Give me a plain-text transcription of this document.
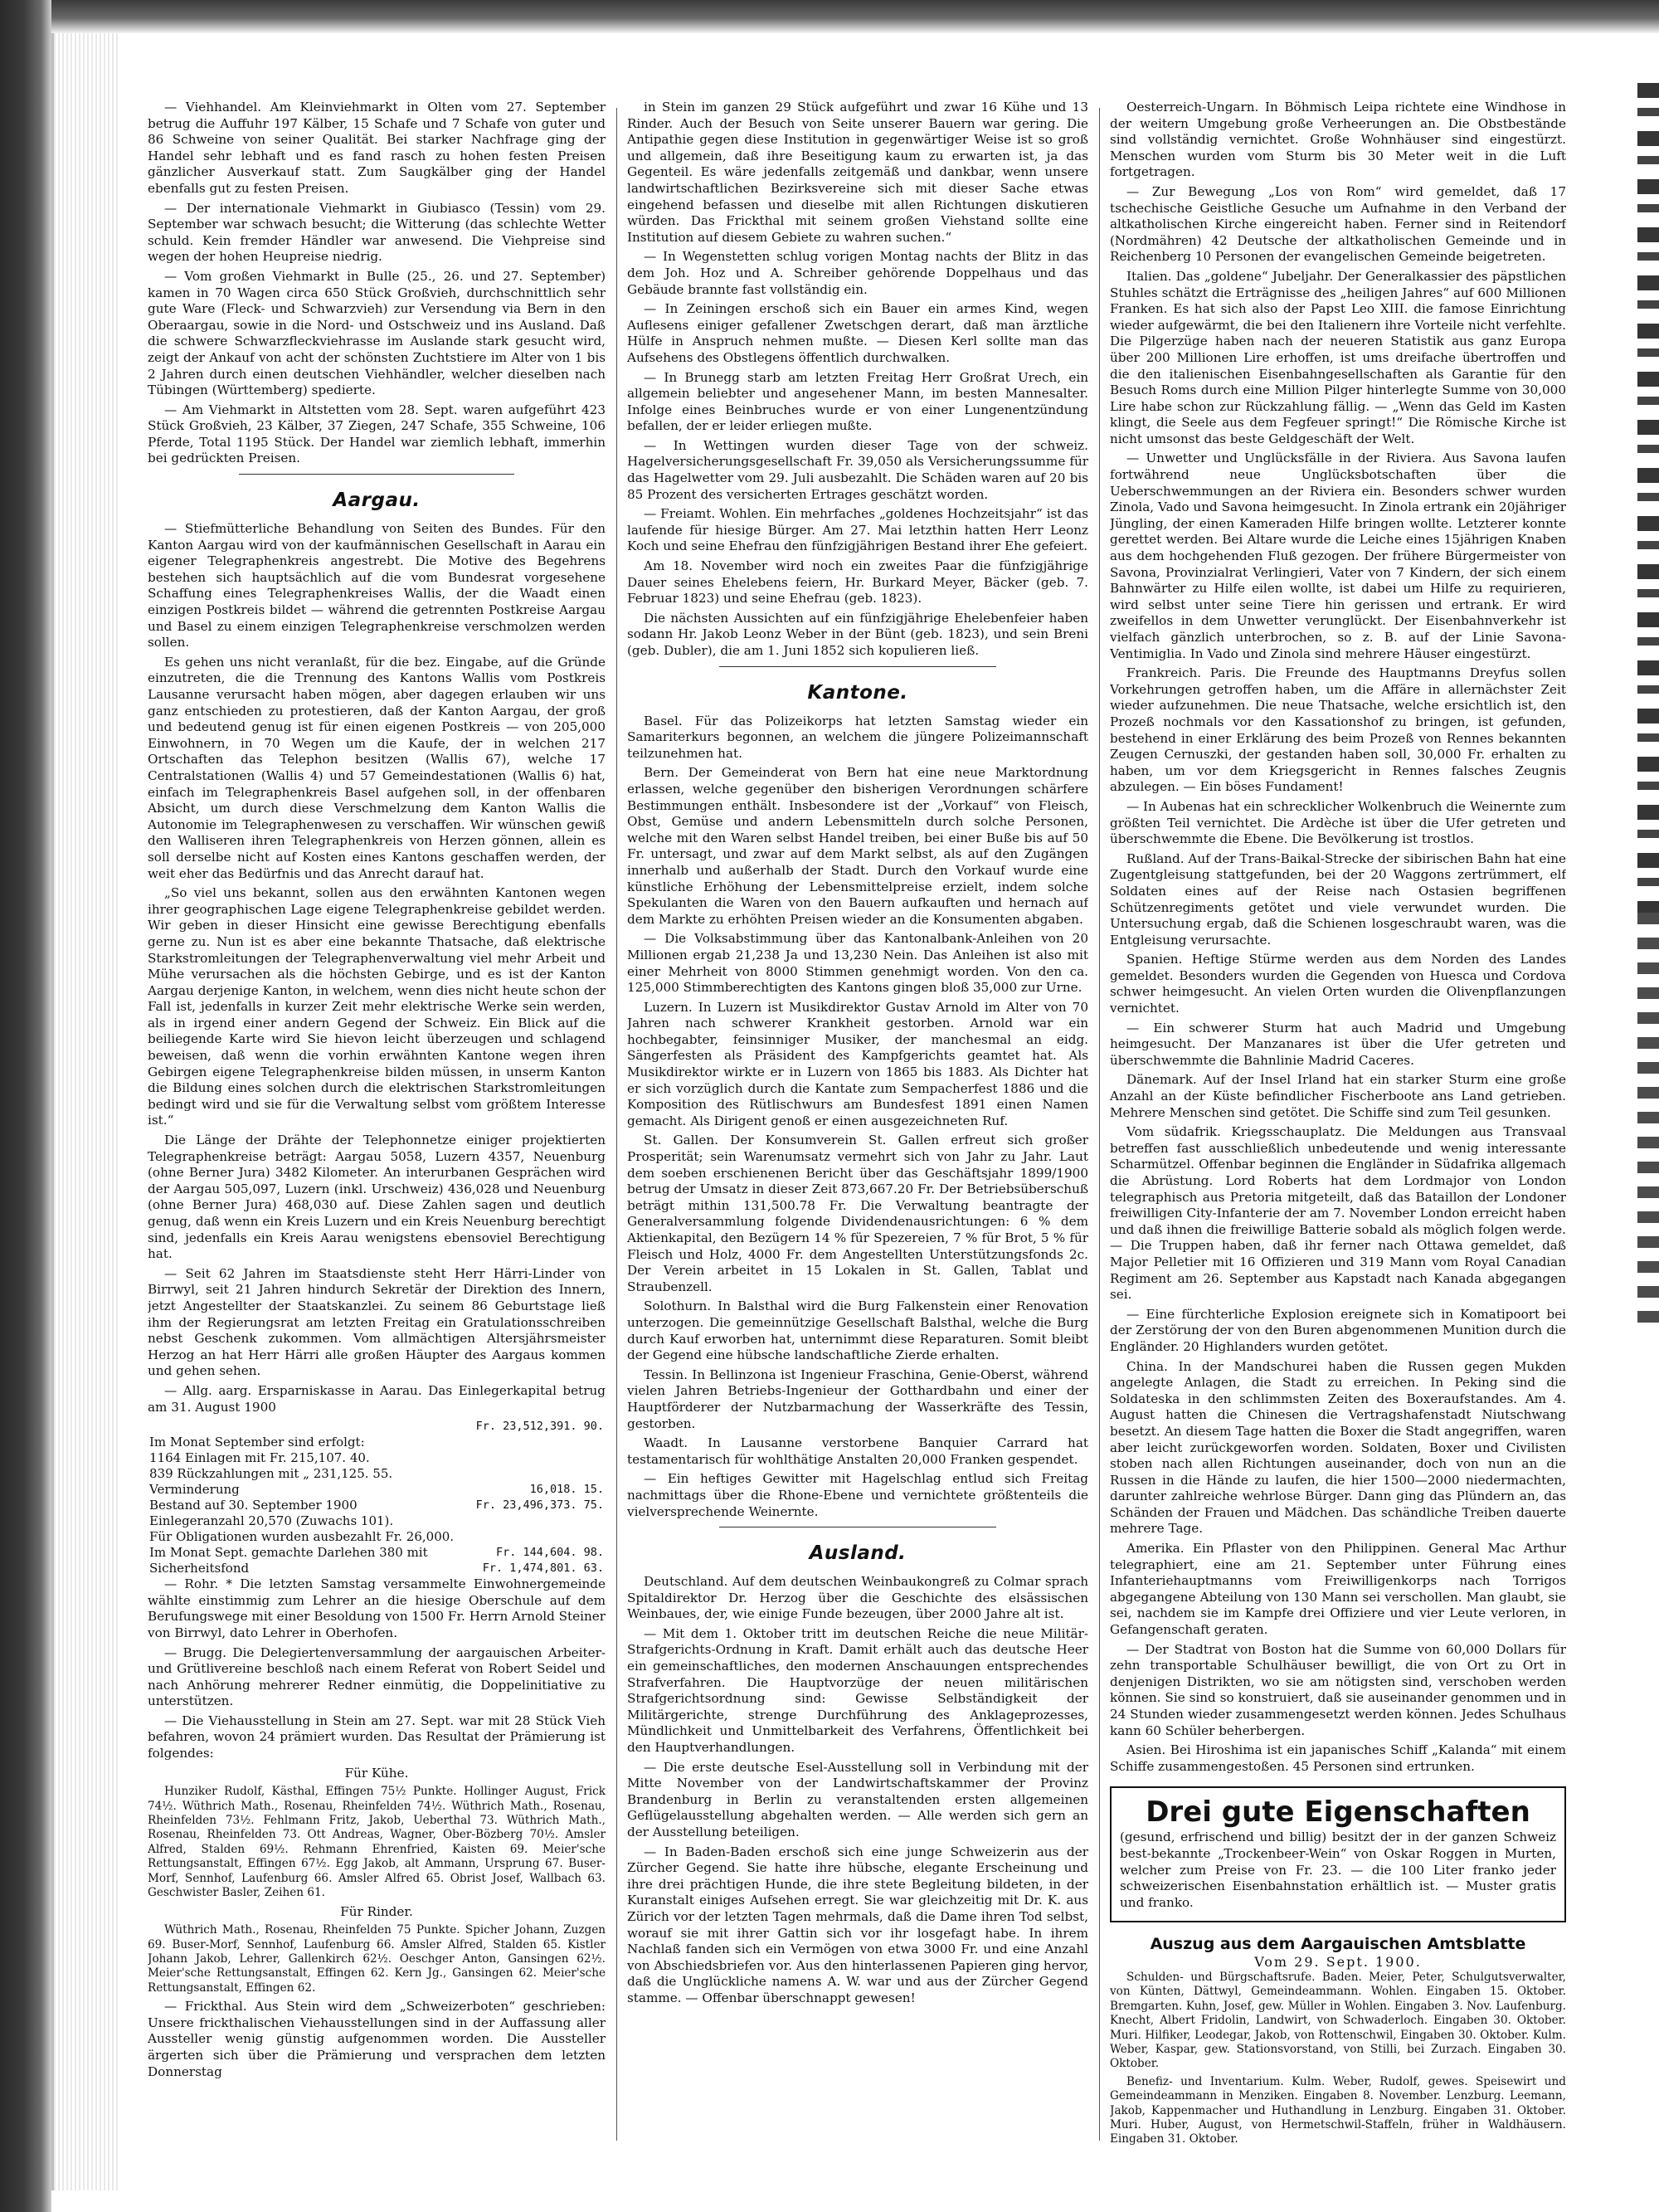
— Viehhandel. Am Kleinviehmarkt in Olten vom 27. September betrug die Auffuhr 197 Kälber, 15 Schafe und 7 Schafe von guter und 86 Schweine von seiner Qualität. Bei starker Nachfrage ging der Handel sehr lebhaft und es fand rasch zu hohen festen Preisen gänzlicher Ausverkauf statt. Zum Saugkälber ging der Handel ebenfalls gut zu festen Preisen.

— Der internationale Viehmarkt in Giubiasco (Tessin) vom 29. September war schwach besucht; die Witterung (das schlechte Wetter schuld. Kein fremder Händler war anwesend. Die Viehpreise sind wegen der hohen Heupreise niedrig.

— Vom großen Viehmarkt in Bulle (25., 26. und 27. September) kamen in 70 Wagen circa 650 Stück Großvieh, durchschnittlich sehr gute Ware (Fleck- und Schwarzvieh) zur Versendung via Bern in den Oberaargau, sowie in die Nord- und Ostschweiz und ins Ausland. Daß die schwere Schwarzfleckviehrasse im Auslande stark gesucht wird, zeigt der Ankauf von acht der schönsten Zuchtstiere im Alter von 1 bis 2 Jahren durch einen deutschen Viehhändler, welcher dieselben nach Tübingen (Württemberg) spedierte.

— Am Viehmarkt in Altstetten vom 28. Sept. waren aufgeführt 423 Stück Großvieh, 23 Kälber, 37 Ziegen, 247 Schafe, 355 Schweine, 106 Pferde, Total 1195 Stück. Der Handel war ziemlich lebhaft, immerhin bei gedrückten Preisen.

Aargau.

— Stiefmütterliche Behandlung von Seiten des Bundes. Für den Kanton Aargau wird von der kaufmännischen Gesellschaft in Aarau ein eigener Telegraphenkreis angestrebt. Die Motive des Begehrens bestehen sich hauptsächlich auf die vom Bundesrat vorgesehene Schaffung eines Telegraphenkreises Wallis, der die Waadt einen einzigen Postkreis bildet — während die getrennten Postkreise Aargau und Basel zu einem einzigen Telegraphenkreise verschmolzen werden sollen.

Es gehen uns nicht veranlaßt, für die bez. Eingabe, auf die Gründe einzutreten, die die Trennung des Kantons Wallis vom Postkreis Lausanne verursacht haben mögen, aber dagegen erlauben wir uns ganz entschieden zu protestieren, daß der Kanton Aargau, der groß und bedeutend genug ist für einen eigenen Postkreis — von 205,000 Einwohnern, in 70 Wegen um die Kaufe, der in welchen 217 Ortschaften das Telephon besitzen (Wallis 67), welche 17 Centralstationen (Wallis 4) und 57 Gemeindestationen (Wallis 6) hat, einfach im Telegraphenkreis Basel aufgehen soll, in der offenbaren Absicht, um durch diese Verschmelzung dem Kanton Wallis die Autonomie im Telegraphenwesen zu verschaffen. Wir wünschen gewiß den Walliseren ihren Telegraphenkreis von Herzen gönnen, allein es soll derselbe nicht auf Kosten eines Kantons geschaffen werden, der weit eher das Bedürfnis und das Anrecht darauf hat.

„So viel uns bekannt, sollen aus den erwähnten Kantonen wegen ihrer geographischen Lage eigene Telegraphenkreise gebildet werden. Wir geben in dieser Hinsicht eine gewisse Berechtigung ebenfalls gerne zu. Nun ist es aber eine bekannte Thatsache, daß elektrische Starkstromleitungen der Telegraphenverwaltung viel mehr Arbeit und Mühe verursachen als die höchsten Gebirge, und es ist der Kanton Aargau derjenige Kanton, in welchem, wenn dies nicht heute schon der Fall ist, jedenfalls in kurzer Zeit mehr elektrische Werke sein werden, als in irgend einer andern Gegend der Schweiz. Ein Blick auf die beiliegende Karte wird Sie hievon leicht überzeugen und schlagend beweisen, daß wenn die vorhin erwähnten Kantone wegen ihren Gebirgen eigene Telegraphenkreise bilden müssen, in unserm Kanton die Bildung eines solchen durch die elektrischen Starkstromleitungen bedingt wird und sie für die Verwaltung selbst vom größtem Interesse ist.“

Die Länge der Drähte der Telephonnetze einiger projektierten Telegraphenkreise beträgt: Aargau 5058, Luzern 4357, Neuenburg (ohne Berner Jura) 3482 Kilometer. An interurbanen Gesprächen wird der Aargau 505,097, Luzern (inkl. Urschweiz) 436,028 und Neuenburg (ohne Berner Jura) 468,030 auf. Diese Zahlen sagen und deutlich genug, daß wenn ein Kreis Luzern und ein Kreis Neuenburg berechtigt sind, jedenfalls ein Kreis Aarau wenigstens ebensoviel Berechtigung hat.

— Seit 62 Jahren im Staatsdienste steht Herr Härri-Linder von Birrwyl, seit 21 Jahren hindurch Sekretär der Direktion des Innern, jetzt Angestellter der Staatskanzlei. Zu seinem 86 Geburtstage ließ ihm der Regierungsrat am letzten Freitag ein Gratulationsschreiben nebst Geschenk zukommen. Vom allmächtigen Altersjährsmeister Herzog an hat Herr Härri alle großen Häupter des Aargaus kommen und gehen sehen.

— Allg. aarg. Ersparniskasse in Aarau. Das Einlegerkapital betrug am 31. August 1900

	Fr. 23,512,391. 90.
Im Monat September sind erfolgt:	
1164 Einlagen mit Fr. 215,107. 40.	
839 Rückzahlungen mit „ 231,125. 55.	
Verminderung	16,018. 15.
Bestand auf 30. September 1900	Fr. 23,496,373. 75.
Einlegeranzahl 20,570 (Zuwachs 101).	
Für Obligationen wurden ausbezahlt Fr. 26,000.	
Im Monat Sept. gemachte Darlehen 380 mit	Fr. 144,604. 98.
Sicherheitsfond	Fr. 1,474,801. 63.

— Rohr. * Die letzten Samstag versammelte Einwohnergemeinde wählte einstimmig zum Lehrer an die hiesige Oberschule auf dem Berufungswege mit einer Besoldung von 1500 Fr. Herrn Arnold Steiner von Birrwyl, dato Lehrer in Oberhofen.

— Brugg. Die Delegiertenversammlung der aargauischen Arbeiter- und Grütlivereine beschloß nach einem Referat von Robert Seidel und nach Anhörung mehrerer Redner einmütig, die Doppelinitiative zu unterstützen.

— Die Viehausstellung in Stein am 27. Sept. war mit 28 Stück Vieh befahren, wovon 24 prämiert wurden. Das Resultat der Prämierung ist folgendes:

Für Kühe.

Hunziker Rudolf, Kästhal, Effingen 75½ Punkte. Hollinger August, Frick 74½. Wüthrich Math., Rosenau, Rheinfelden 74½. Wüthrich Math., Rosenau, Rheinfelden 73½. Fehlmann Fritz, Jakob, Ueberthal 73. Wüthrich Math., Rosenau, Rheinfelden 73. Ott Andreas, Wagner, Ober-Bözberg 70½. Amsler Alfred, Stalden 69½. Rehmann Ehrenfried, Kaisten 69. Meier'sche Rettungsanstalt, Effingen 67½. Egg Jakob, alt Ammann, Ursprung 67. Buser-Morf, Sennhof, Laufenburg 66. Amsler Alfred 65. Obrist Josef, Wallbach 63. Geschwister Basler, Zeihen 61.

Für Rinder.

Wüthrich Math., Rosenau, Rheinfelden 75 Punkte. Spicher Johann, Zuzgen 69. Buser-Morf, Sennhof, Laufenburg 66. Amsler Alfred, Stalden 65. Kistler Johann Jakob, Lehrer, Gallenkirch 62½. Oeschger Anton, Gansingen 62½. Meier'sche Rettungsanstalt, Effingen 62. Kern Jg., Gansingen 62. Meier'sche Rettungsanstalt, Effingen 62.

— Frickthal. Aus Stein wird dem „Schweizerboten“ geschrieben: Unsere frickthalischen Viehausstellungen sind in der Auffassung aller Aussteller wenig günstig aufgenommen worden. Die Aussteller ärgerten sich über die Prämierung und versprachen dem letzten Donnerstag

in Stein im ganzen 29 Stück aufgeführt und zwar 16 Kühe und 13 Rinder. Auch der Besuch von Seite unserer Bauern war gering. Die Antipathie gegen diese Institution in gegenwärtiger Weise ist so groß und allgemein, daß ihre Beseitigung kaum zu erwarten ist, ja das Gegenteil. Es wäre jedenfalls zeitgemäß und dankbar, wenn unsere landwirtschaftlichen Bezirksvereine sich mit dieser Sache etwas eingehend befassen und dieselbe mit allen Richtungen diskutieren würden. Das Frickthal mit seinem großen Viehstand sollte eine Institution auf diesem Gebiete zu wahren suchen.“

— In Wegenstetten schlug vorigen Montag nachts der Blitz in das dem Joh. Hoz und A. Schreiber gehörende Doppelhaus und das Gebäude brannte fast vollständig ein.

— In Zeiningen erschoß sich ein Bauer ein armes Kind, wegen Auflesens einiger gefallener Zwetschgen derart, daß man ärztliche Hülfe in Anspruch nehmen mußte. — Diesen Kerl sollte man das Aufsehens des Obstlegens öffentlich durchwalken.

— In Brunegg starb am letzten Freitag Herr Großrat Urech, ein allgemein beliebter und angesehener Mann, im besten Mannesalter. Infolge eines Beinbruches wurde er von einer Lungenentzündung befallen, der er leider erliegen mußte.

— In Wettingen wurden dieser Tage von der schweiz. Hagelversicherungsgesellschaft Fr. 39,050 als Versicherungssumme für das Hagelwetter vom 29. Juli ausbezahlt. Die Schäden waren auf 20 bis 85 Prozent des versicherten Ertrages geschätzt worden.

— Freiamt. Wohlen. Ein mehrfaches „goldenes Hochzeitsjahr“ ist das laufende für hiesige Bürger. Am 27. Mai letzthin hatten Herr Leonz Koch und seine Ehefrau den fünfzigjährigen Bestand ihrer Ehe gefeiert.

Am 18. November wird noch ein zweites Paar die fünfzigjährige Dauer seines Ehelebens feiern, Hr. Burkard Meyer, Bäcker (geb. 7. Februar 1823) und seine Ehefrau (geb. 1823).

Die nächsten Aussichten auf ein fünfzigjährige Ehelebenfeier haben sodann Hr. Jakob Leonz Weber in der Bünt (geb. 1823), und sein Breni (geb. Dubler), die am 1. Juni 1852 sich kopulieren ließ.

Kantone.

Basel. Für das Polizeikorps hat letzten Samstag wieder ein Samariterkurs begonnen, an welchem die jüngere Polizeimannschaft teilzunehmen hat.

Bern. Der Gemeinderat von Bern hat eine neue Marktordnung erlassen, welche gegenüber den bisherigen Verordnungen schärfere Bestimmungen enthält. Insbesondere ist der „Vorkauf“ von Fleisch, Obst, Gemüse und andern Lebensmitteln durch solche Personen, welche mit den Waren selbst Handel treiben, bei einer Buße bis auf 50 Fr. untersagt, und zwar auf dem Markt selbst, als auf den Zugängen innerhalb und außerhalb der Stadt. Durch den Vorkauf wurde eine künstliche Erhöhung der Lebensmittelpreise erzielt, indem solche Spekulanten die Waren von den Bauern aufkauften und hernach auf dem Markte zu erhöhten Preisen wieder an die Konsumenten abgaben.

— Die Volksabstimmung über das Kantonalbank-Anleihen von 20 Millionen ergab 21,238 Ja und 13,230 Nein. Das Anleihen ist also mit einer Mehrheit von 8000 Stimmen genehmigt worden. Von den ca. 125,000 Stimmberechtigten des Kantons gingen bloß 35,000 zur Urne.

Luzern. In Luzern ist Musikdirektor Gustav Arnold im Alter von 70 Jahren nach schwerer Krankheit gestorben. Arnold war ein hochbegabter, feinsinniger Musiker, der manchesmal an eidg. Sängerfesten als Präsident des Kampfgerichts geamtet hat. Als Musikdirektor wirkte er in Luzern von 1865 bis 1883. Als Dichter hat er sich vorzüglich durch die Kantate zum Sempacherfest 1886 und die Komposition des Rütlischwurs am Bundesfest 1891 einen Namen gemacht. Als Dirigent genoß er einen ausgezeichneten Ruf.

St. Gallen. Der Konsumverein St. Gallen erfreut sich großer Prosperität; sein Warenumsatz vermehrt sich von Jahr zu Jahr. Laut dem soeben erschienenen Bericht über das Geschäftsjahr 1899/1900 betrug der Umsatz in dieser Zeit 873,667.20 Fr. Der Betriebsüberschuß beträgt mithin 131,500.78 Fr. Die Verwaltung beantragte der Generalversammlung folgende Dividendenausrichtungen: 6 % dem Aktienkapital, den Bezügern 14 % für Spezereien, 7 % für Brot, 5 % für Fleisch und Holz, 4000 Fr. dem Angestellten Unterstützungsfonds 2c. Der Verein arbeitet in 15 Lokalen in St. Gallen, Tablat und Straubenzell.

Solothurn. In Balsthal wird die Burg Falkenstein einer Renovation unterzogen. Die gemeinnützige Gesellschaft Balsthal, welche die Burg durch Kauf erworben hat, unternimmt diese Reparaturen. Somit bleibt der Gegend eine hübsche landschaftliche Zierde erhalten.

Tessin. In Bellinzona ist Ingenieur Fraschina, Genie-Oberst, während vielen Jahren Betriebs-Ingenieur der Gotthardbahn und einer der Hauptförderer der Nutzbarmachung der Wasserkräfte des Tessin, gestorben.

Waadt. In Lausanne verstorbene Banquier Carrard hat testamentarisch für wohlthätige Anstalten 20,000 Franken gespendet.

— Ein heftiges Gewitter mit Hagelschlag entlud sich Freitag nachmittags über die Rhone-Ebene und vernichtete größtenteils die vielversprechende Weinernte.

Ausland.

Deutschland. Auf dem deutschen Weinbaukongreß zu Colmar sprach Spitaldirektor Dr. Herzog über die Geschichte des elsässischen Weinbaues, der, wie einige Funde bezeugen, über 2000 Jahre alt ist.

— Mit dem 1. Oktober tritt im deutschen Reiche die neue Militär-Strafgerichts-Ordnung in Kraft. Damit erhält auch das deutsche Heer ein gemeinschaftliches, den modernen Anschauungen entsprechendes Strafverfahren. Die Hauptvorzüge der neuen militärischen Strafgerichtsordnung sind: Gewisse Selbständigkeit der Militärgerichte, strenge Durchführung des Anklageprozesses, Mündlichkeit und Unmittelbarkeit des Verfahrens, Öffentlichkeit bei den Hauptverhandlungen.

— Die erste deutsche Esel-Ausstellung soll in Verbindung mit der Mitte November von der Landwirtschaftskammer der Provinz Brandenburg in Berlin zu veranstaltenden ersten allgemeinen Geflügelausstellung abgehalten werden. — Alle werden sich gern an der Ausstellung beteiligen.

— In Baden-Baden erschoß sich eine junge Schweizerin aus der Zürcher Gegend. Sie hatte ihre hübsche, elegante Erscheinung und ihre drei prächtigen Hunde, die ihre stete Begleitung bildeten, in der Kuranstalt einiges Aufsehen erregt. Sie war gleichzeitig mit Dr. K. aus Zürich vor der letzten Tagen mehrmals, daß die Dame ihren Tod selbst, worauf sie mit ihrer Gattin sich vor ihr losgefagt habe. In ihrem Nachlaß fanden sich ein Vermögen von etwa 3000 Fr. und eine Anzahl von Abschiedsbriefen vor. Aus den hinterlassenen Papieren ging hervor, daß die Unglückliche namens A. W. war und aus der Zürcher Gegend stamme. — Offenbar überschnappt gewesen!

Oesterreich-Ungarn. In Böhmisch Leipa richtete eine Windhose in der weitern Umgebung große Verheerungen an. Die Obstbestände sind vollständig vernichtet. Große Wohnhäuser sind eingestürzt. Menschen wurden vom Sturm bis 30 Meter weit in die Luft fortgetragen.

— Zur Bewegung „Los von Rom“ wird gemeldet, daß 17 tschechische Geistliche Gesuche um Aufnahme in den Verband der altkatholischen Kirche eingereicht haben. Ferner sind in Reitendorf (Nordmähren) 42 Deutsche der altkatholischen Gemeinde und in Reichenberg 10 Personen der evangelischen Gemeinde beigetreten.

Italien. Das „goldene“ Jubeljahr. Der Generalkassier des päpstlichen Stuhles schätzt die Erträgnisse des „heiligen Jahres“ auf 600 Millionen Franken. Es hat sich also der Papst Leo XIII. die famose Einrichtung wieder aufgewärmt, die bei den Italienern ihre Vorteile nicht verfehlte. Die Pilgerzüge haben nach der neueren Statistik aus ganz Europa über 200 Millionen Lire erhoffen, ist ums dreifache übertroffen und die den italienischen Eisenbahngesellschaften als Garantie für den Besuch Roms durch eine Million Pilger hinterlegte Summe von 30,000 Lire habe schon zur Rückzahlung fällig. — „Wenn das Geld im Kasten klingt, die Seele aus dem Fegfeuer springt!“ Die Römische Kirche ist nicht umsonst das beste Geldgeschäft der Welt.

— Unwetter und Unglücksfälle in der Riviera. Aus Savona laufen fortwährend neue Unglücksbotschaften über die Ueberschwemmungen an der Riviera ein. Besonders schwer wurden Zinola, Vado und Savona heimgesucht. In Zinola ertrank ein 20jähriger Jüngling, der einen Kameraden Hilfe bringen wollte. Letzterer konnte gerettet werden. Bei Altare wurde die Leiche eines 15jährigen Knaben aus dem hochgehenden Fluß gezogen. Der frühere Bürgermeister von Savona, Provinzialrat Verlingieri, Vater von 7 Kindern, der sich einem Bahnwärter zu Hilfe eilen wollte, ist dabei um Hilfe zu requirieren, wird selbst unter seine Tiere hin gerissen und ertrank. Er wird zweifellos in dem Unwetter verunglückt. Der Eisenbahnverkehr ist vielfach gänzlich unterbrochen, so z. B. auf der Linie Savona-Ventimiglia. In Vado und Zinola sind mehrere Häuser eingestürzt.

Frankreich. Paris. Die Freunde des Hauptmanns Dreyfus sollen Vorkehrungen getroffen haben, um die Affäre in allernächster Zeit wieder aufzunehmen. Die neue Thatsache, welche ersichtlich ist, den Prozeß nochmals vor den Kassationshof zu bringen, ist gefunden, bestehend in einer Erklärung des beim Prozeß von Rennes bekannten Zeugen Cernuszki, der gestanden haben soll, 30,000 Fr. erhalten zu haben, um vor dem Kriegsgericht in Rennes falsches Zeugnis abzulegen. — Ein böses Fundament!

— In Aubenas hat ein schrecklicher Wolkenbruch die Weinernte zum größten Teil vernichtet. Die Ardèche ist über die Ufer getreten und überschwemmte die Ebene. Die Bevölkerung ist trostlos.

Rußland. Auf der Trans-Baikal-Strecke der sibirischen Bahn hat eine Zugentgleisung stattgefunden, bei der 20 Waggons zertrümmert, elf Soldaten eines auf der Reise nach Ostasien begriffenen Schützenregiments getötet und viele verwundet wurden. Die Untersuchung ergab, daß die Schienen losgeschraubt waren, was die Entgleisung verursachte.

Spanien. Heftige Stürme werden aus dem Norden des Landes gemeldet. Besonders wurden die Gegenden von Huesca und Cordova schwer heimgesucht. An vielen Orten wurden die Olivenpflanzungen vernichtet.

— Ein schwerer Sturm hat auch Madrid und Umgebung heimgesucht. Der Manzanares ist über die Ufer getreten und überschwemmte die Bahnlinie Madrid Caceres.

Dänemark. Auf der Insel Irland hat ein starker Sturm eine große Anzahl an der Küste befindlicher Fischerboote ans Land getrieben. Mehrere Menschen sind getötet. Die Schiffe sind zum Teil gesunken.

Vom südafrik. Kriegsschauplatz. Die Meldungen aus Transvaal betreffen fast ausschließlich unbedeutende und wenig interessante Scharmützel. Offenbar beginnen die Engländer in Südafrika allgemach die Abrüstung. Lord Roberts hat dem Lordmajor von London telegraphisch aus Pretoria mitgeteilt, daß das Bataillon der Londoner freiwilligen City-Infanterie der am 7. November London erreicht haben und daß ihnen die freiwillige Batterie sobald als möglich folgen werde. — Die Truppen haben, daß ihr ferner nach Ottawa gemeldet, daß Major Pelletier mit 16 Offizieren und 319 Mann vom Royal Canadian Regiment am 26. September aus Kapstadt nach Kanada abgegangen sei.

— Eine fürchterliche Explosion ereignete sich in Komatipoort bei der Zerstörung der von den Buren abgenommenen Munition durch die Engländer. 20 Highlanders wurden getötet.

China. In der Mandschurei haben die Russen gegen Mukden angelegte Anlagen, die Stadt zu erreichen. In Peking sind die Soldateska in den schlimmsten Zeiten des Boxeraufstandes. Am 4. August hatten die Chinesen die Vertragshafenstadt Niutschwang besetzt. An diesem Tage hatten die Boxer die Stadt angegriffen, waren aber leicht zurückgeworfen worden. Soldaten, Boxer und Civilisten stoben nach allen Richtungen auseinander, doch von nun an die Russen in die Hände zu laufen, die hier 1500—2000 niedermachten, darunter zahlreiche wehrlose Bürger. Dann ging das Plündern an, das Schänden der Frauen und Mädchen. Das schändliche Treiben dauerte mehrere Tage.

Amerika. Ein Pflaster von den Philippinen. General Mac Arthur telegraphiert, eine am 21. September unter Führung eines Infanteriehauptmanns vom Freiwilligenkorps nach Torrigos abgegangene Abteilung von 130 Mann sei verschollen. Man glaubt, sie sei, nachdem sie im Kampfe drei Offiziere und vier Leute verloren, in Gefangenschaft geraten.

— Der Stadtrat von Boston hat die Summe von 60,000 Dollars für zehn transportable Schulhäuser bewilligt, die von Ort zu Ort in denjenigen Distrikten, wo sie am nötigsten sind, verschoben werden können. Sie sind so konstruiert, daß sie auseinander genommen und in 24 Stunden wieder zusammengesetzt werden können. Jedes Schulhaus kann 60 Schüler beherbergen.

Asien. Bei Hiroshima ist ein japanisches Schiff „Kalanda“ mit einem Schiffe zusammengestoßen. 45 Personen sind ertrunken.

Drei gute Eigenschaften

(gesund, erfrischend und billig) besitzt der in der ganzen Schweiz best-bekannte „Trockenbeer-Wein“ von Oskar Roggen in Murten, welcher zum Preise von Fr. 23. — die 100 Liter franko jeder schweizerischen Eisenbahnstation erhältlich ist. — Muster gratis und franko.

Auszug aus dem Aargauischen Amtsblatte
Vom 29. Sept. 1900.

Schulden- und Bürgschaftsrufe. Baden. Meier, Peter, Schulgutsverwalter, von Künten, Dättwyl, Gemeindeammann. Wohlen. Eingaben 15. Oktober. Bremgarten. Kuhn, Josef, gew. Müller in Wohlen. Eingaben 3. Nov. Laufenburg. Knecht, Albert Fridolin, Landwirt, von Schwaderloch. Eingaben 30. Oktober. Muri. Hilfiker, Leodegar, Jakob, von Rottenschwil, Eingaben 30. Oktober. Kulm. Weber, Kaspar, gew. Stationsvorstand, von Stilli, bei Zurzach. Eingaben 30. Oktober.

Benefiz- und Inventarium. Kulm. Weber, Rudolf, gewes. Speisewirt und Gemeindeammann in Menziken. Eingaben 8. November. Lenzburg. Leemann, Jakob, Kappenmacher und Huthandlung in Lenzburg. Eingaben 31. Oktober. Muri. Huber, August, von Hermetschwil-Staffeln, früher in Waldhäusern. Eingaben 31. Oktober.
